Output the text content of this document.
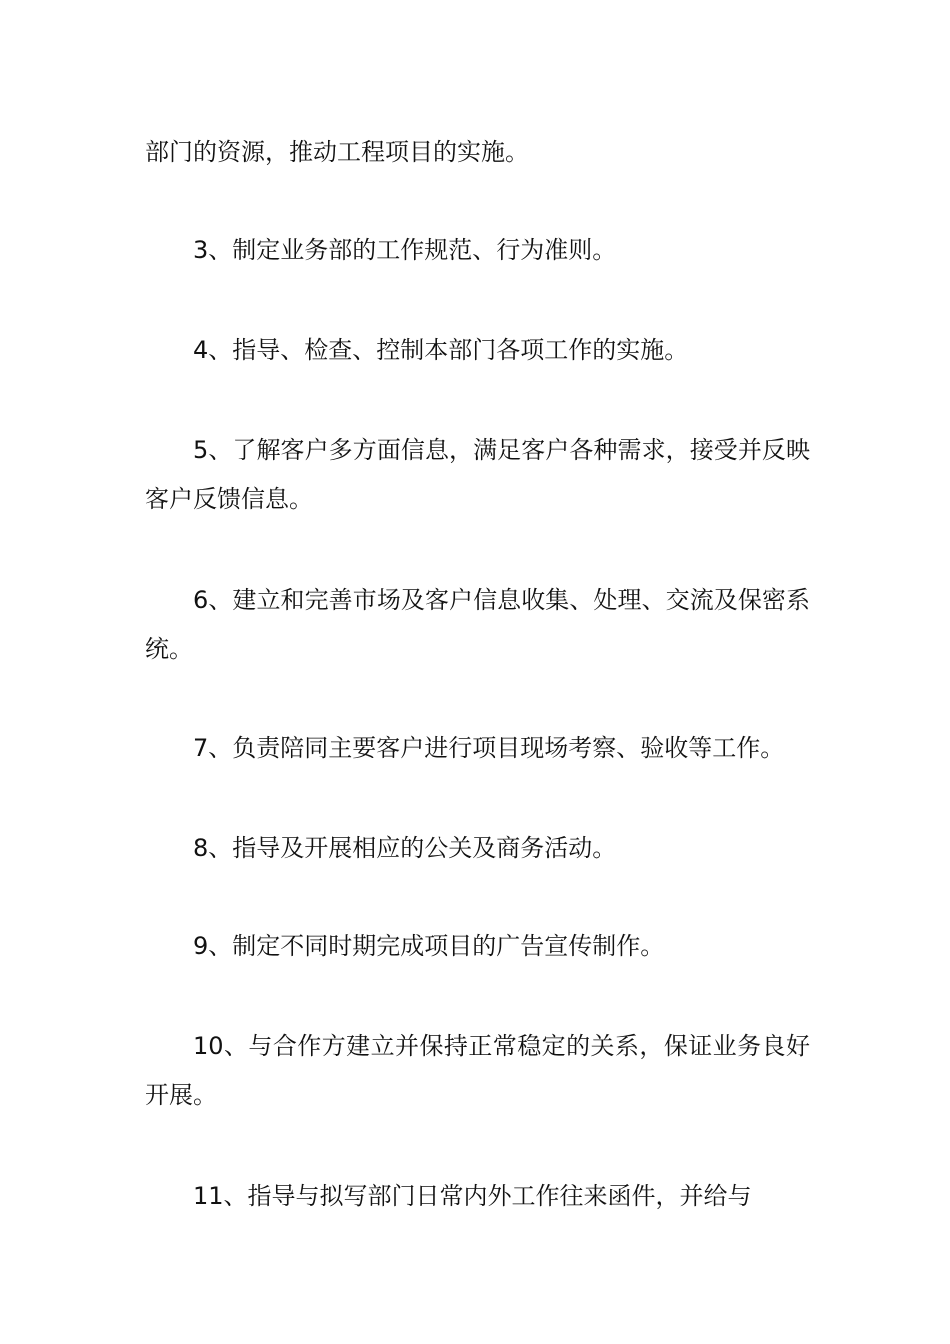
部门的资源，推动工程项目的实施。

3、制定业务部的工作规范、行为准则。

4、指导、检查、控制本部门各项工作的实施。

5、了解客户多方面信息，满足客户各种需求，接受并反映客户反馈信息。

6、建立和完善市场及客户信息收集、处理、交流及保密系统。

7、负责陪同主要客户进行项目现场考察、验收等工作。

8、指导及开展相应的公关及商务活动。

9、制定不同时期完成项目的广告宣传制作。

10、与合作方建立并保持正常稳定的关系，保证业务良好开展。

11、指导与拟写部门日常内外工作往来函件，并给与
